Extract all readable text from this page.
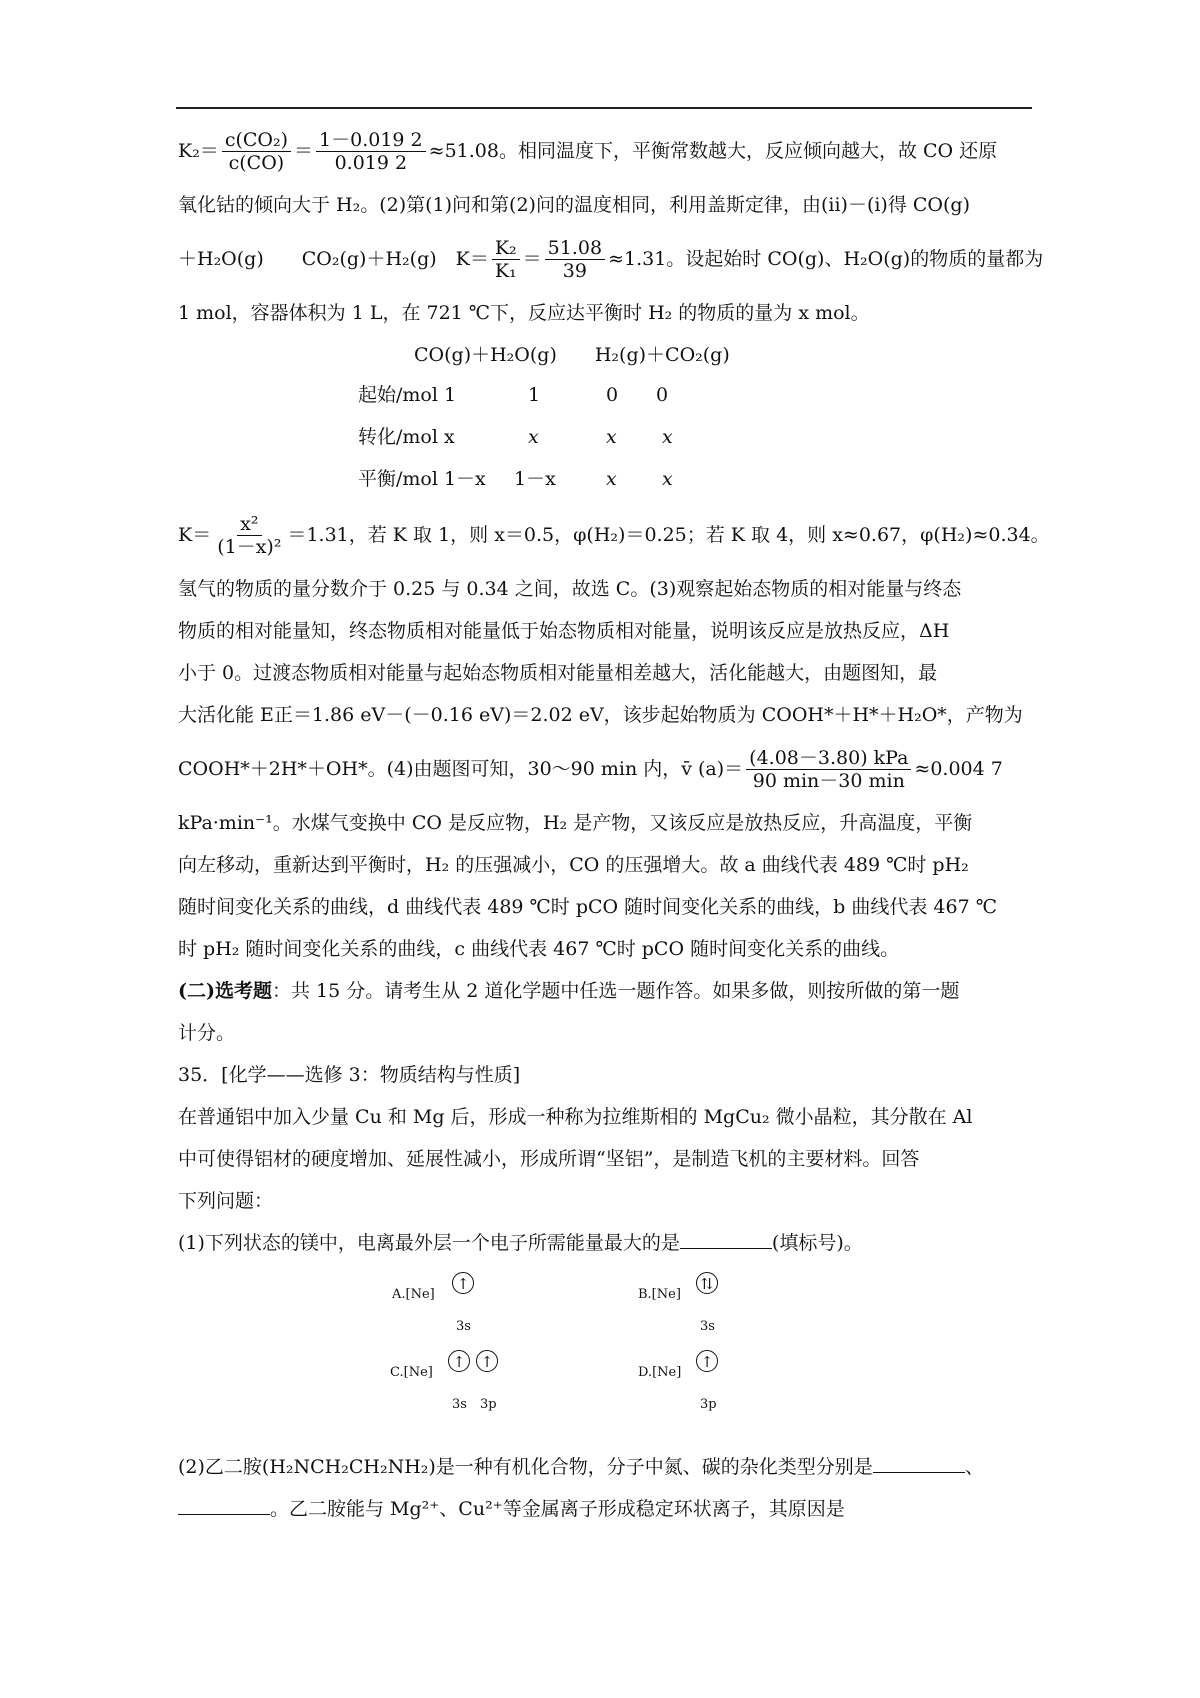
$K_2= \frac{\text{c(CO₂)}}{c(CO)} = \frac{1-0.019 2}{0.019 2} \approx 51.08$。相同温度下，平衡常数越大，反应倾向越大，故 CO 还原
氧化钴的倾向大于 H₂。(2)第(1)问和第(2)问的温度相同，利用盖斯定律，由(ii)－(i)得 CO(g)
＋H₂O(g)　　CO₂(g)＋H₂(g)　$K= \frac{\text{K₂}}{\text{K₁}} = \frac{51.08}{39} \approx 1.31$。设起始时 CO(g)、H₂O(g)的物质的量都为
1 mol，容器体积为 1 L，在 721 ℃下，反应达平衡时 H₂ 的物质的量为 x mol。
CO(g)＋H₂O(g)　　H₂(g)＋CO₂(g)
起始/mol 1	1	0 0
转化/mol x	x	x x
平衡/mol 1－x 1－x	x x
$K= \frac{\text{x²}}{\text{(1－x)²}} =1.31$，若 K 取 1，则 x＝0.5，φ(H₂)＝0.25；若 K 取 4，则 x≈0.67，φ(H₂)≈0.34。
氢气的物质的量分数介于 0.25 与 0.34 之间，故选 C。(3)观察起始态物质的相对能量与终态
物质的相对能量知，终态物质相对能量低于始态物质相对能量，说明该反应是放热反应，ΔH
小于 0。过渡态物质相对能量与起始态物质相对能量相差越大，活化能越大，由题图知，最
大活化能 E正＝1.86 eV－(－0.16 eV)＝2.02 eV，该步起始物质为 COOH*＋H*＋H₂O*，产物为
COOH*＋2H*＋OH*。(4)由题图可知，30～90 min 内，v̄ $(a)= \frac{\text{(4.08－3.80) kPa}}{90 \min-30 \min} \approx 0.004$ 7
kPa·min⁻¹。水煤气变换中 CO 是反应物，H₂ 是产物，又该反应是放热反应，升高温度，平衡
向左移动，重新达到平衡时，H₂ 的压强减小，CO 的压强增大。故 a 曲线代表 489 ℃时 pH₂
随时间变化关系的曲线，d 曲线代表 489 ℃时 pCO 随时间变化关系的曲线，b 曲线代表 467 ℃
时 pH₂ 随时间变化关系的曲线，c 曲线代表 467 ℃时 pCO 随时间变化关系的曲线。
(二)选考题：共 15 分。请考生从 2 道化学题中任选一题作答。如果多做，则按所做的第一题
计分。
35．[化学——选修 3：物质结构与性质]
在普通铝中加入少量 Cu 和 Mg 后，形成一种称为拉维斯相的 MgCu₂ 微小晶粒，其分散在 Al
中可使得铝材的硬度增加、延展性减小，形成所谓“坚铝”，是制造飞机的主要材料。回答
下列问题：
(1)下列状态的镁中，电离最外层一个电子所需能量最大的是	(填标号)。
A.[Ne]
↑
3s
B.[Ne]
⇅
3s
C.[Ne]
↑	↑
3s 3p
D.[Ne]
↑
3p
(2)乙二胺(H₂NCH₂CH₂NH₂)是一种有机化合物，分子中氮、碳的杂化类型分别是	、
。乙二胺能与 Mg²⁺、Cu²⁺等金属离子形成稳定环状离子，其原因是
